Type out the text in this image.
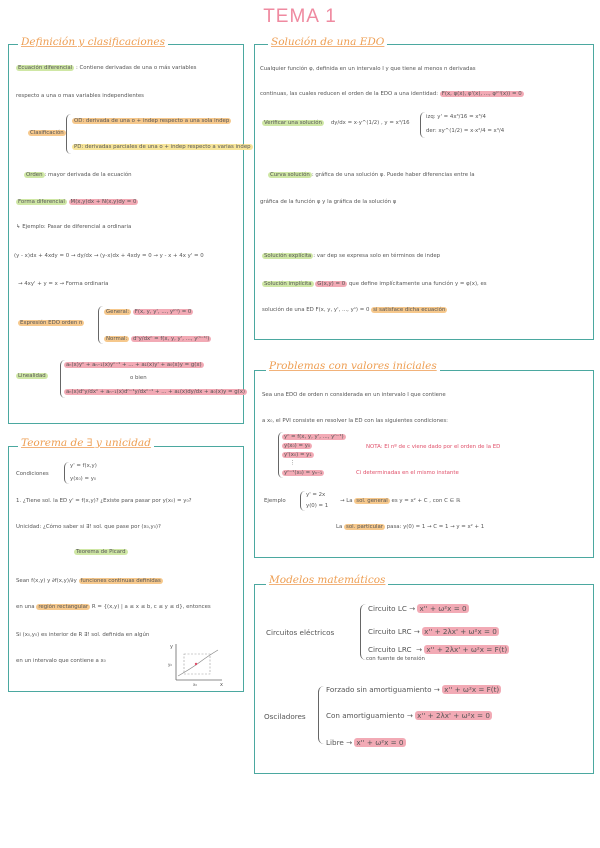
TEMA 1
Definición y clasificaciones
Ecuación diferencial : Contiene derivadas de una o más variables
respecto a una o mas variables independientes
Clasificación
OD: derivada de una o + indep respecto a una sola indep
PD: derivadas parciales de una o + indep respecto a varias indep
Orden : mayor derivada de la ecuación
Forma diferencial M(x,y)dx + N(x,y)dy = 0
↳ Ejemplo: Pasar de diferencial a ordinaria
(y - x)dx + 4xdy = 0 → dy/dx → (y-x)dx + 4xdy = 0 → y - x + 4x y' = 0
→ 4xy' + y = x → Forma ordinaria
Expresión EDO orden n
General: F(x, y, y', ..., y⁽ⁿ⁾) = 0
Normal: dⁿy/dxⁿ = f(x, y, y', ..., y⁽ⁿ⁻¹⁾)
Linealidad
aₙ(x)yⁿ + aₙ₋₁(x)yⁿ⁻¹ + ... + a₁(x)y' + a₀(x)y = g(x)
o bien
aₙ(x)dⁿy/dxⁿ + aₙ₋₁(x)dⁿ⁻¹y/dxⁿ⁻¹ + ... + a₁(x)dy/dx + a₀(x)y = g(x)
Solución de una EDO
Cualquier función φ, definida en un intervalo I y que tiene al menos n derivadas
continuas, las cuales reducen el orden de la EDO a una identidad: F(x, φ(x), φ'(x), ..., φ⁽ⁿ⁾(x)) = 0
Verificar una solución dy/dx = x·y^(1/2) , y = x⁴/16
izq: y' = 4x³/16 = x³/4
der: xy^(1/2) = x·x²/4 = x³/4
Curva solución : gráfica de una solución φ. Puede haber diferencias entre la
gráfica de la función φ y la gráfica de la solución φ
Solución explícita : var dep se expresa solo en términos de indep
Solución implícita G(x,y) = 0 que define implícitamente una función y = φ(x), es
solución de una ED F(x, y, y', ..., yⁿ) = 0 si satisface dicha ecuación
Teorema de ∃ y unicidad
Condiciones
y' = f(x,y)
y(x₀) = y₀
1. ¿Tiene sol. la ED y' = f(x,y)? ¿Existe para pasar por y(x₀) = y₀?
Unicidad: ¿Cómo saber si ∃! sol. que pase por (x₀,y₀)?
Teorema de Picard
Sean f(x,y) y ∂f(x,y)/∂y funciones continuas definidas
en una región rectangular R = {(x,y) | a ≤ x ≤ b, c ≤ y ≤ d}, entonces
Si (x₀,y₀) es interior de R ∃! sol. definida en algún
en un intervalo que contiene a x₀
y
x
x₀
y₀
Problemas con valores iniciales
Sea una EDO de orden n considerada en un intervalo I que contiene
a x₀, el PVI consiste en resolver la ED con las siguientes condiciones:
yⁿ = f(x, y, y', ..., yⁿ⁻¹)
y(x₀) = y₀
y'(x₀) = y₁
⋮
yⁿ⁻¹(x₀) = yₙ₋₁
NOTA: El nº de c viene dado por el orden de la ED
Ci determinadas en el mismo instante
Ejemplo
y' = 2x
y(0) = 1
→ La sol. general es y = x² + C , con C ∈ ℝ
La sol. particular pasa: y(0) = 1 → C = 1 → y = x² + 1
Modelos matemáticos
Circuitos eléctricos
Circuito LC → x'' + ω²x = 0
Circuito LRC → x'' + 2λx' + ω²x = 0
Circuito LRC  → x'' + 2λx' + ω²x = F(t)
con fuente de tensión
Osciladores
Forzado sin amortiguamiento → x'' + ω²x = F(t)
Con amortiguamiento → x'' + 2λx' + ω²x = 0
Libre → x'' + ω²x = 0
